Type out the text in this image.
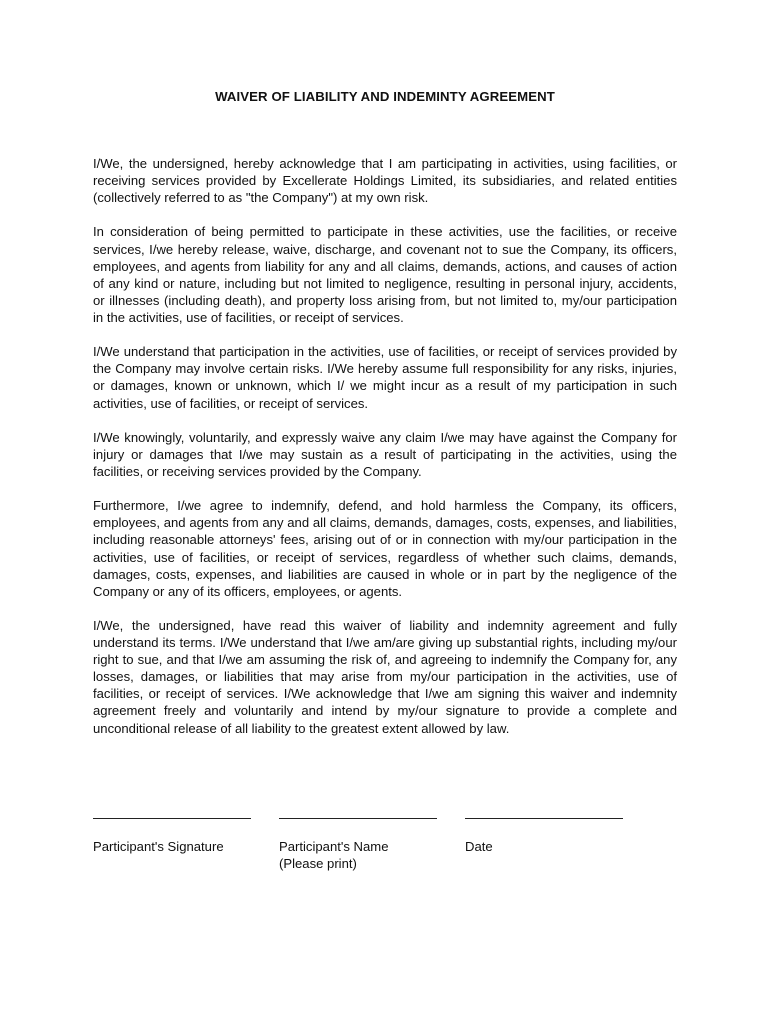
WAIVER OF LIABILITY AND INDEMINTY AGREEMENT

I/We, the undersigned, hereby acknowledge that I am participating in activities, using facilities, or receiving services provided by Excellerate Holdings Limited, its subsidiaries, and related entities (collectively referred to as "the Company") at my own risk.

In consideration of being permitted to participate in these activities, use the facilities, or receive services, I/we hereby release, waive, discharge, and covenant not to sue the Company, its officers, employees, and agents from liability for any and all claims, demands, actions, and causes of action of any kind or nature, including but not limited to negligence, resulting in personal injury, accidents, or illnesses (including death), and property loss arising from, but not limited to, my/our participation in the activities, use of facilities, or receipt of services.

I/We understand that participation in the activities, use of facilities, or receipt of services provided by the Company may involve certain risks. I/We hereby assume full responsibility for any risks, injuries, or damages, known or unknown, which I/ we might incur as a result of my participation in such activities, use of facilities, or receipt of services.

I/We knowingly, voluntarily, and expressly waive any claim I/we may have against the Company for injury or damages that I/we may sustain as a result of participating in the activities, using the facilities, or receiving services provided by the Company.

Furthermore, I/we agree to indemnify, defend, and hold harmless the Company, its officers, employees, and agents from any and all claims, demands, damages, costs, expenses, and liabilities, including reasonable attorneys' fees, arising out of or in connection with my/our participation in the activities, use of facilities, or receipt of services, regardless of whether such claims, demands, damages, costs, expenses, and liabilities are caused in whole or in part by the negligence of the Company or any of its officers, employees, or agents.

I/We, the undersigned, have read this waiver of liability and indemnity agreement and fully understand its terms. I/We understand that I/we am/are giving up substantial rights, including my/our right to sue, and that I/we am assuming the risk of, and agreeing to indemnify the Company for, any losses, damages, or liabilities that may arise from my/our participation in the activities, use of facilities, or receipt of services. I/We acknowledge that I/we am signing this waiver and indemnity agreement freely and voluntarily and intend by my/our signature to provide a complete and unconditional release of all liability to the greatest extent allowed by law.

Participant's Signature	Participant's Name
(Please print)
Date
